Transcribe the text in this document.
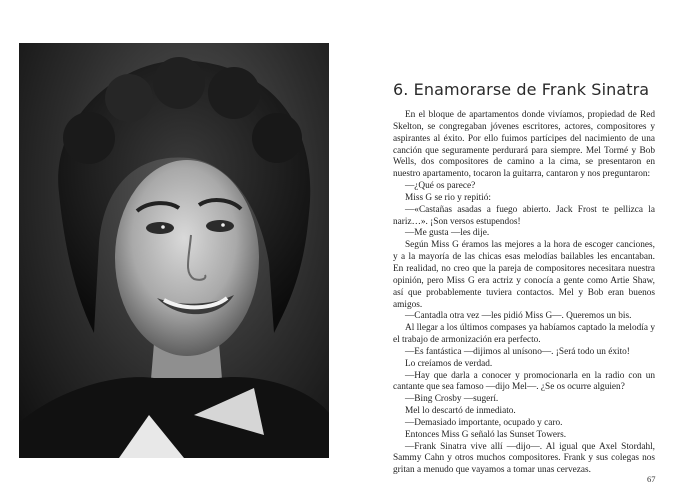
6. Enamorarse de Frank Sinatra

En el bloque de apartamentos donde vivíamos, propiedad de Red Skelton, se congregaban jóvenes escritores, actores, compositores y aspirantes al éxito. Por ello fuimos partícipes del nacimiento de una canción que seguramente perdurará para siempre. Mel Tormé y Bob Wells, dos compositores de camino a la cima, se presentaron en nuestro apartamento, tocaron la guitarra, cantaron y nos preguntaron:

—¿Qué os parece?

Miss G se rio y repitió:

—«Castañas asadas a fuego abierto. Jack Frost te pellizca la nariz…». ¡Son versos estupendos!

—Me gusta —les dije.

Según Miss G éramos las mejores a la hora de escoger canciones, y a la mayoría de las chicas esas melodías bailables les encantaban. En realidad, no creo que la pareja de compositores necesitara nuestra opinión, pero Miss G era actriz y conocía a gente como Artie Shaw, así que probablemente tuviera contactos. Mel y Bob eran buenos amigos.

—Cantadla otra vez —les pidió Miss G—. Queremos un bis.

Al llegar a los últimos compases ya habíamos captado la melodía y el trabajo de armonización era perfecto.

—Es fantástica —dijimos al unísono—. ¡Será todo un éxito!

Lo creíamos de verdad.

—Hay que darla a conocer y promocionarla en la radio con un cantante que sea famoso —dijo Mel—. ¿Se os ocurre alguien?

—Bing Crosby —sugerí.

Mel lo descartó de inmediato.

—Demasiado importante, ocupado y caro.

Entonces Miss G señaló las Sunset Towers.

—Frank Sinatra vive allí —dijo—. Al igual que Axel Stordahl, Sammy Cahn y otros muchos compositores. Frank y sus colegas nos gritan a menudo que vayamos a tomar unas cervezas.

67
